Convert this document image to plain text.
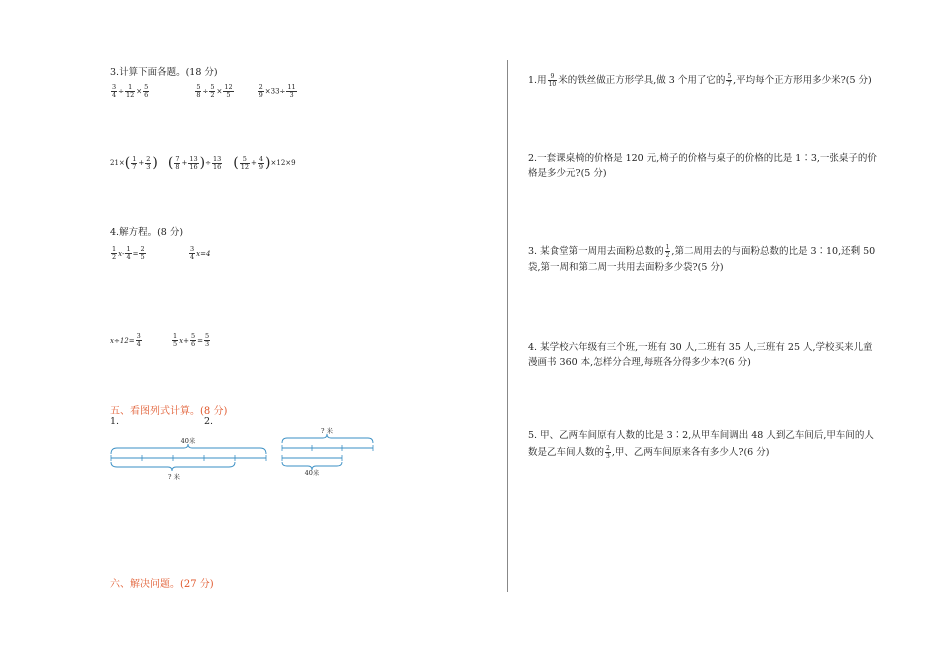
3.计算下面各题。(18 分)
$\frac{3}{4} \div \frac{1}{12} \times \frac{5}{6}$	$\frac{5}{8} \div \frac{5}{2} \times \frac{12}{5}$	$\frac{2}{9} \times 33\div \frac{11}{3}$
21× ( $\frac{1}{7} + \frac{2}{3}$ ) ( $\frac{7}{8} + \frac{13}{16}$ ) ÷ $\frac{13}{16}$ ( $\frac{5}{12} + \frac{4}{9}$ ) ×12×9
4.解方程。(8 分)
$\frac{1}{2}$ $x - \frac{1}{4} = \frac{2}{5}$	$\frac{3}{4} x=4$
$x\div 12= \frac{3}{4}$	$\frac{1}{5}$ $x + \frac{5}{6} = \frac{5}{3}$
五、看图列式计算。(8 分)
1.	2.
40米
? 米
? 米
40米
六、解决问题。(27 分)
1.用 $\frac{9}{10}$ 米的铁丝做正方形学具,做 3 个用了它的 $\frac{5}{7}$ ,平均每个正方形用多少米?(5 分)
2.一套课桌椅的价格是 120 元,椅子的价格与桌子的价格的比是 1∶3,一张桌子的价
格是多少元?(5 分)
3. 某食堂第一周用去面粉总数的 $\frac{1}{2}$ ,第二周用去的与面粉总数的比是 3∶10,还剩 50
袋,第一周和第二周一共用去面粉多少袋?(5 分)
4. 某学校六年级有三个班,一班有 30 人,二班有 35 人,三班有 25 人,学校买来儿童
漫画书 360 本,怎样分合理,每班各分得多少本?(6 分)
5. 甲、乙两车间原有人数的比是 3∶2,从甲车间调出 48 人到乙车间后,甲车间的人
数是乙车间人数的 $\frac{2}{3}$ ,甲、乙两车间原来各有多少人?(6 分)
